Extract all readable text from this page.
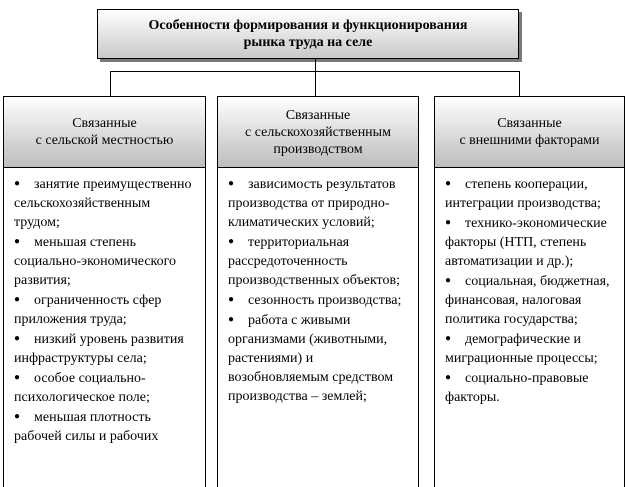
Особенности формирования и функционирования
рынка труда на селе
Связанные
с сельской местностью
Связанные
с сельскохозяйственным
производством
Связанные
с внешними факторами
● занятие преимущественно сельскохозяйственным трудом;
● меньшая степень социально-экономического развития;
● ограниченность сфер приложения труда;
● низкий уровень развития инфраструктуры села;
● особое социально-психологическое поле;
● меньшая плотность рабочей силы и рабочих
● зависимость результатов производства от природно-климатических условий;
● территориальная рассредоточенность производственных объектов;
● сезонность производства;
● работа с живыми организмами (животными, растениями) и возобновляемым средством производства – землей;
● степень кооперации, интеграции производства;
● технико-экономические факторы (НТП, степень автоматизации и др.);
● социальная, бюджетная, финансовая, налоговая политика государства;
● демографические и миграционные процессы;
● социально-правовые факторы.
